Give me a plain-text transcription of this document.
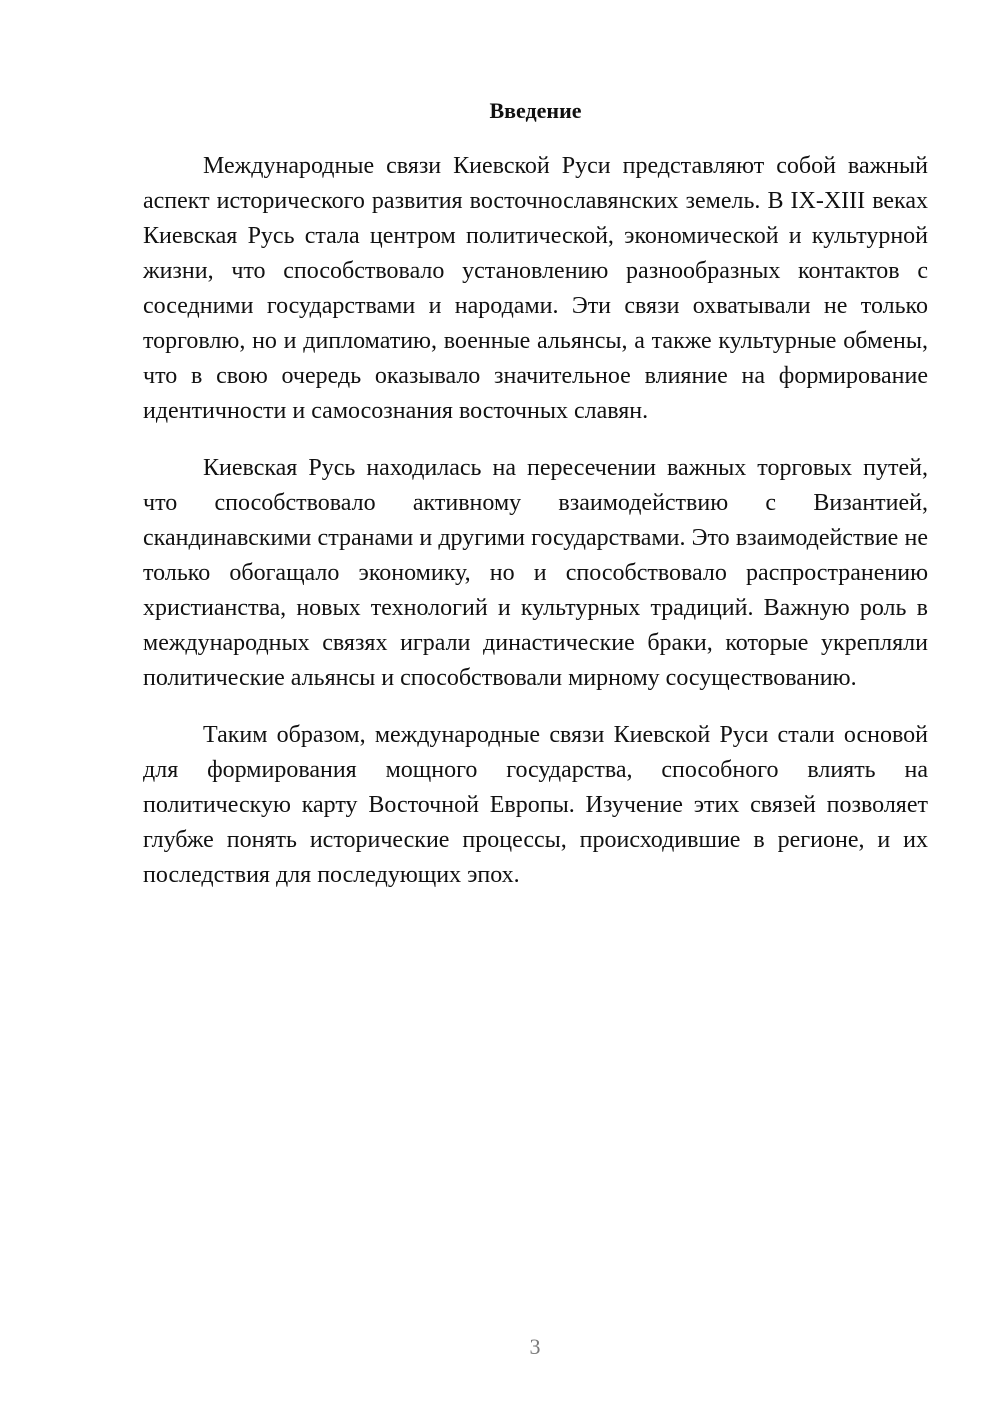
Введение

Международные связи Киевской Руси представляют собой важный аспект исторического развития восточнославянских земель. В IX-XIII веках Киевская Русь стала центром политической, экономической и культурной жизни, что способствовало установлению разнообразных контактов с соседними государствами и народами. Эти связи охватывали не только торговлю, но и дипломатию, военные альянсы, а также культурные обмены, что в свою очередь оказывало значительное влияние на формирование идентичности и самосознания восточных славян.

Киевская Русь находилась на пересечении важных торговых путей, что способствовало активному взаимодействию с Византией, скандинавскими странами и другими государствами. Это взаимодействие не только обогащало экономику, но и способствовало распространению христианства, новых технологий и культурных традиций. Важную роль в международных связях играли династические браки, которые укрепляли политические альянсы и способствовали мирному сосуществованию.

Таким образом, международные связи Киевской Руси стали основой для формирования мощного государства, способного влиять на политическую карту Восточной Европы. Изучение этих связей позволяет глубже понять исторические процессы, происходившие в регионе, и их последствия для последующих эпох.

3
